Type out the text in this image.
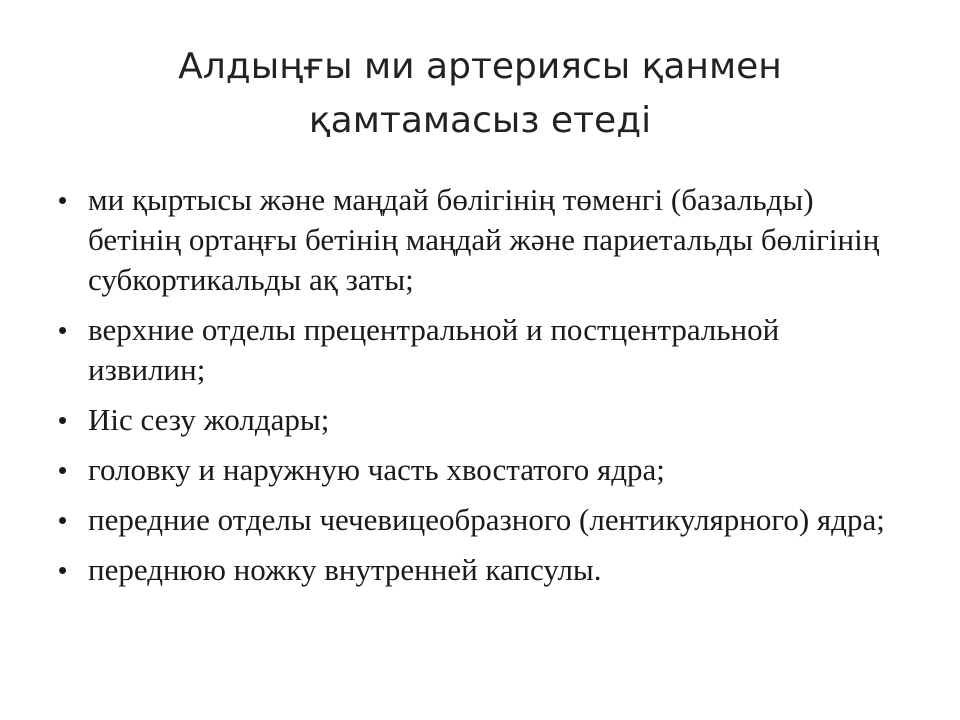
Алдыңғы ми артериясы қанмен
қамтамасыз етеді
• ми қыртысы және маңдай бөлігінің төменгі (базальды) бетінің ортаңғы бетінің маңдай және париетальды бөлігінің субкортикальды ақ заты;
• верхние отделы прецентральной и постцентральной извилин;
• Иіс сезу жолдары;
• головку и наружную часть хвостатого ядра;
• передние отделы чечевицеобразного (лентикулярного) ядра;
• переднюю ножку внутренней капсулы.
